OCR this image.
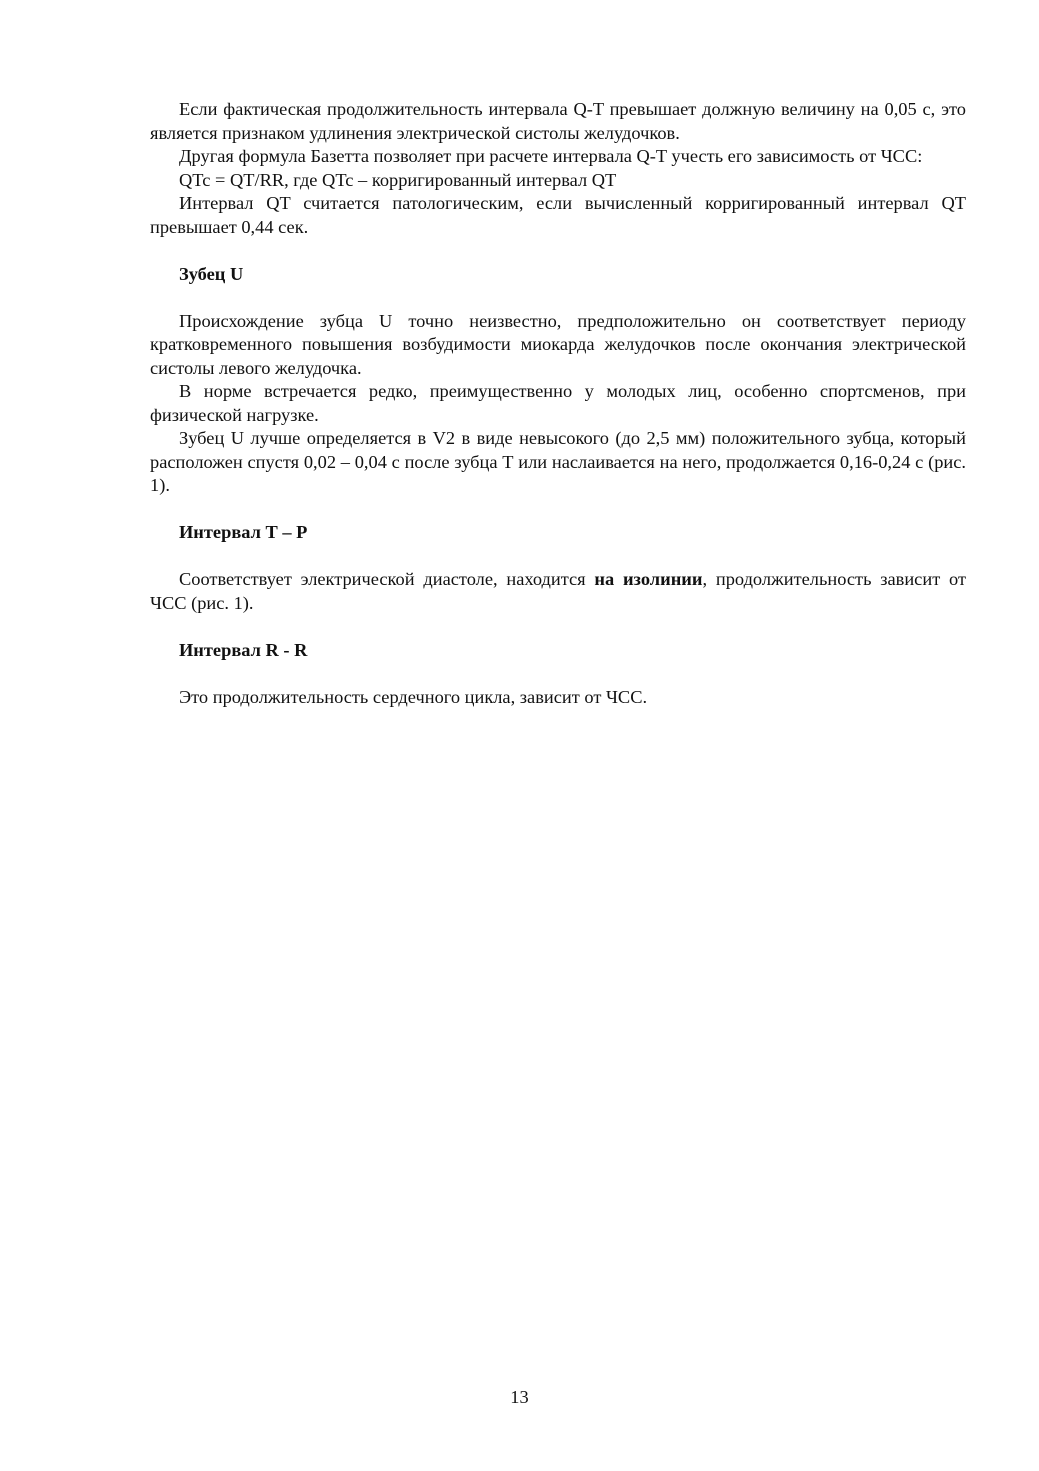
Если фактическая продолжительность интервала Q-T превышает должную величину на 0,05 с, это является признаком удлинения электрической систолы желудочков.

Другая формула Базетта позволяет при расчете интервала Q-T учесть его зависимость от ЧСС:

QTc = QT/RR, где QTc – корригированный интервал QT

Интервал QT считается патологическим, если вычисленный корригированный интервал QT превышает 0,44 сек.

Зубец U

Происхождение зубца U точно неизвестно, предположительно он соответствует периоду кратковременного повышения возбудимости миокарда желудочков после окончания электрической систолы левого желудочка.

В норме встречается редко, преимущественно у молодых лиц, особенно спортсменов, при физической нагрузке.

Зубец U лучше определяется в V2 в виде невысокого (до 2,5 мм) положительного зубца, который расположен спустя 0,02 – 0,04 с после зубца Т или наслаивается на него, продолжается 0,16-0,24 с (рис. 1).

Интервал Т – Р

Соответствует электрической диастоле, находится на изолинии, продолжительность зависит от ЧСС (рис. 1).

Интервал R - R

Это продолжительность сердечного цикла, зависит от ЧСС.

13
